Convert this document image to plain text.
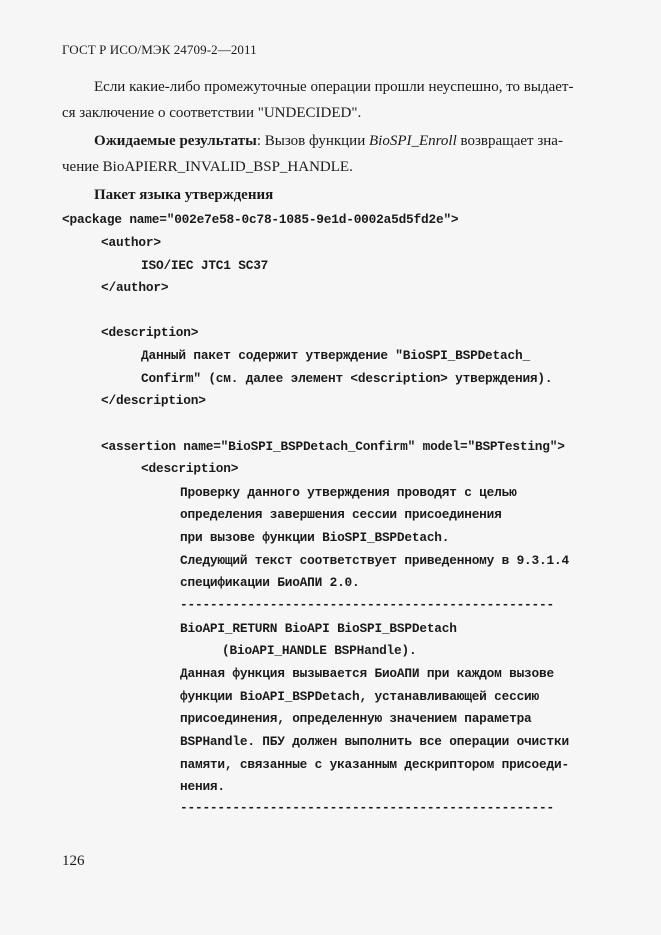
ГОСТ Р ИСО/МЭК 24709-2—2011
Если какие-либо промежуточные операции прошли неуспешно, то выдает-
ся заключение о соответствии "UNDECIDED".
Ожидаемые результаты: Вызов функции BioSPI_Enroll возвращает зна-
чение BioAPIERR_INVALID_BSP_HANDLE.
Пакет языка утверждения
<package name="002e7e58-0c78-1085-9e1d-0002a5d5fd2e">
<author>
ISO/IEC JTC1 SC37
</author>
<description>
Данный пакет содержит утверждение "BioSPI_BSPDetach_
Confirm" (см. далее элемент <description> утверждения).
</description>
<assertion name="BioSPI_BSPDetach_Confirm" model="BSPTesting">
<description>
Проверку данного утверждения проводят с целью
определения завершения сессии присоединения
при вызове функции BioSPI_BSPDetach.
Следующий текст соответствует приведенному в 9.3.1.4
спецификации БиоАПИ 2.0.
--------------------------------------------------
BioAPI_RETURN BioAPI BioSPI_BSPDetach
(BioAPI_HANDLE BSPHandle).
Данная функция вызывается БиоАПИ при каждом вызове
функции BioAPI_BSPDetach, устанавливающей сессию
присоединения, определенную значением параметра
BSPHandle. ПБУ должен выполнить все операции очистки
памяти, связанные с указанным дескриптором присоеди-
нения.
--------------------------------------------------
126
